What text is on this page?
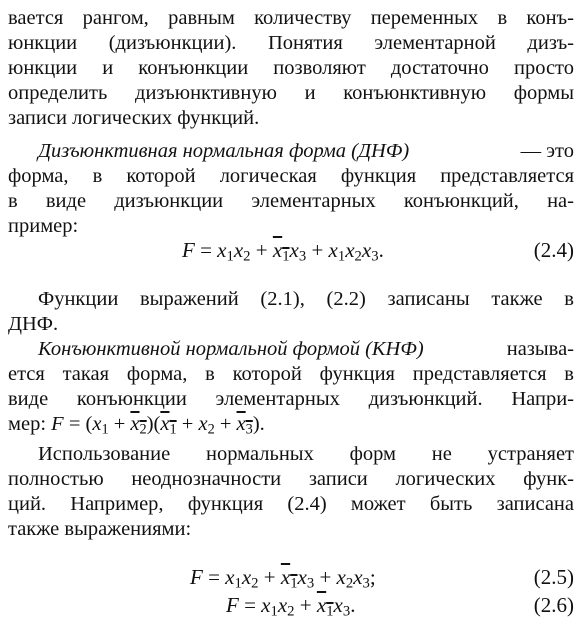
вается рангом, равным количеству переменных в конъ-
юнкции (дизъюнкции). Понятия элементарной дизъ-
юнкции и конъюнкции позволяют достаточно просто
определить дизъюнктивную и конъюнктивную формы
записи логических функций.
Дизъюнктивная нормальная форма (ДНФ)	— это
форма, в которой логическая функция представляется
в виде дизъюнкции элементарных конъюнкций, на-
пример:
$F = x_1x_2 + x_1x_3 + x_1x_2x_3$.	(2.4)
Функции выражений (2.1), (2.2) записаны также в
ДНФ.
Конъюнктивной нормальной формой (КНФ)	называ-
ется такая форма, в которой функция представляется в
виде конъюнкции элементарных дизъюнкций. Напри-
мер: $F = (x_1 + x_2)(x_1 + x_2 + x_3)$.
Использование нормальных форм не устраняет
полностью неоднозначности записи логических функ-
ций. Например, функция (2.4) может быть записана
также выражениями:
$F = x_1x_2 + x_1x_3 + x_2x_3$;	(2.5)
$F = x_1x_2 + x_1x_3$.	(2.6)
